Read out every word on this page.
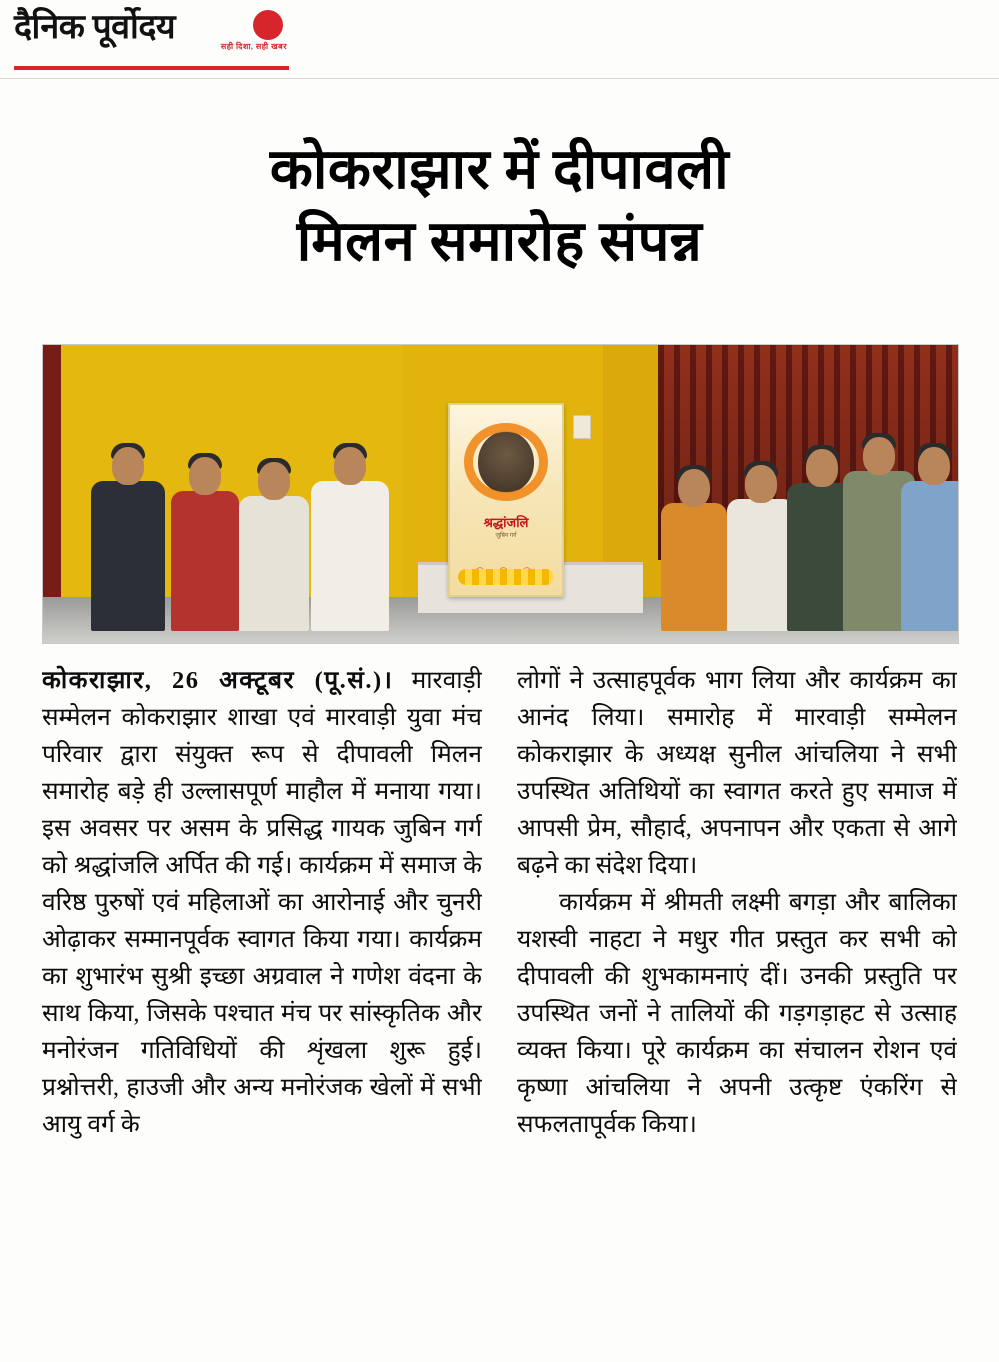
दैनिक पूर्वोदय
सही दिशा, सही खबर
कोकराझार में दीपावली
मिलन समारोह संपन्न
श्रद्धांजलि
जुबिन गर्ग

कोकराझार, 26 अक्टूबर (पू.सं.)। मारवाड़ी सम्मेलन कोकराझार शाखा एवं मारवाड़ी युवा मंच परिवार द्वारा संयुक्त रूप से दीपावली मिलन समारोह बड़े ही उल्लासपूर्ण माहौल में मनाया गया। इस अवसर पर असम के प्रसिद्ध गायक जुबिन गर्ग को श्रद्धांजलि अर्पित की गई। कार्यक्रम में समाज के वरिष्ठ पुरुषों एवं महिलाओं का आरोनाई और चुनरी ओढ़ाकर सम्मानपूर्वक स्वागत किया गया। कार्यक्रम का शुभारंभ सुश्री इच्छा अग्रवाल ने गणेश वंदना के साथ किया, जिसके पश्चात मंच पर सांस्कृतिक और मनोरंजन गतिविधियों की शृंखला शुरू हुई। प्रश्नोत्तरी, हाउजी और अन्य मनोरंजक खेलों में सभी आयु वर्ग के

लोगों ने उत्साहपूर्वक भाग लिया और कार्यक्रम का आनंद लिया। समारोह में मारवाड़ी सम्मेलन कोकराझार के अध्यक्ष सुनील आंचलिया ने सभी उपस्थित अतिथियों का स्वागत करते हुए समाज में आपसी प्रेम, सौहार्द, अपनापन और एकता से आगे बढ़ने का संदेश दिया।

कार्यक्रम में श्रीमती लक्ष्मी बगड़ा और बालिका यशस्वी नाहटा ने मधुर गीत प्रस्तुत कर सभी को दीपावली की शुभकामनाएं दीं। उनकी प्रस्तुति पर उपस्थित जनों ने तालियों की गड़गड़ाहट से उत्साह व्यक्त किया। पूरे कार्यक्रम का संचालन रोशन एवं कृष्णा आंचलिया ने अपनी उत्कृष्ट एंकरिंग से सफलतापूर्वक किया।
